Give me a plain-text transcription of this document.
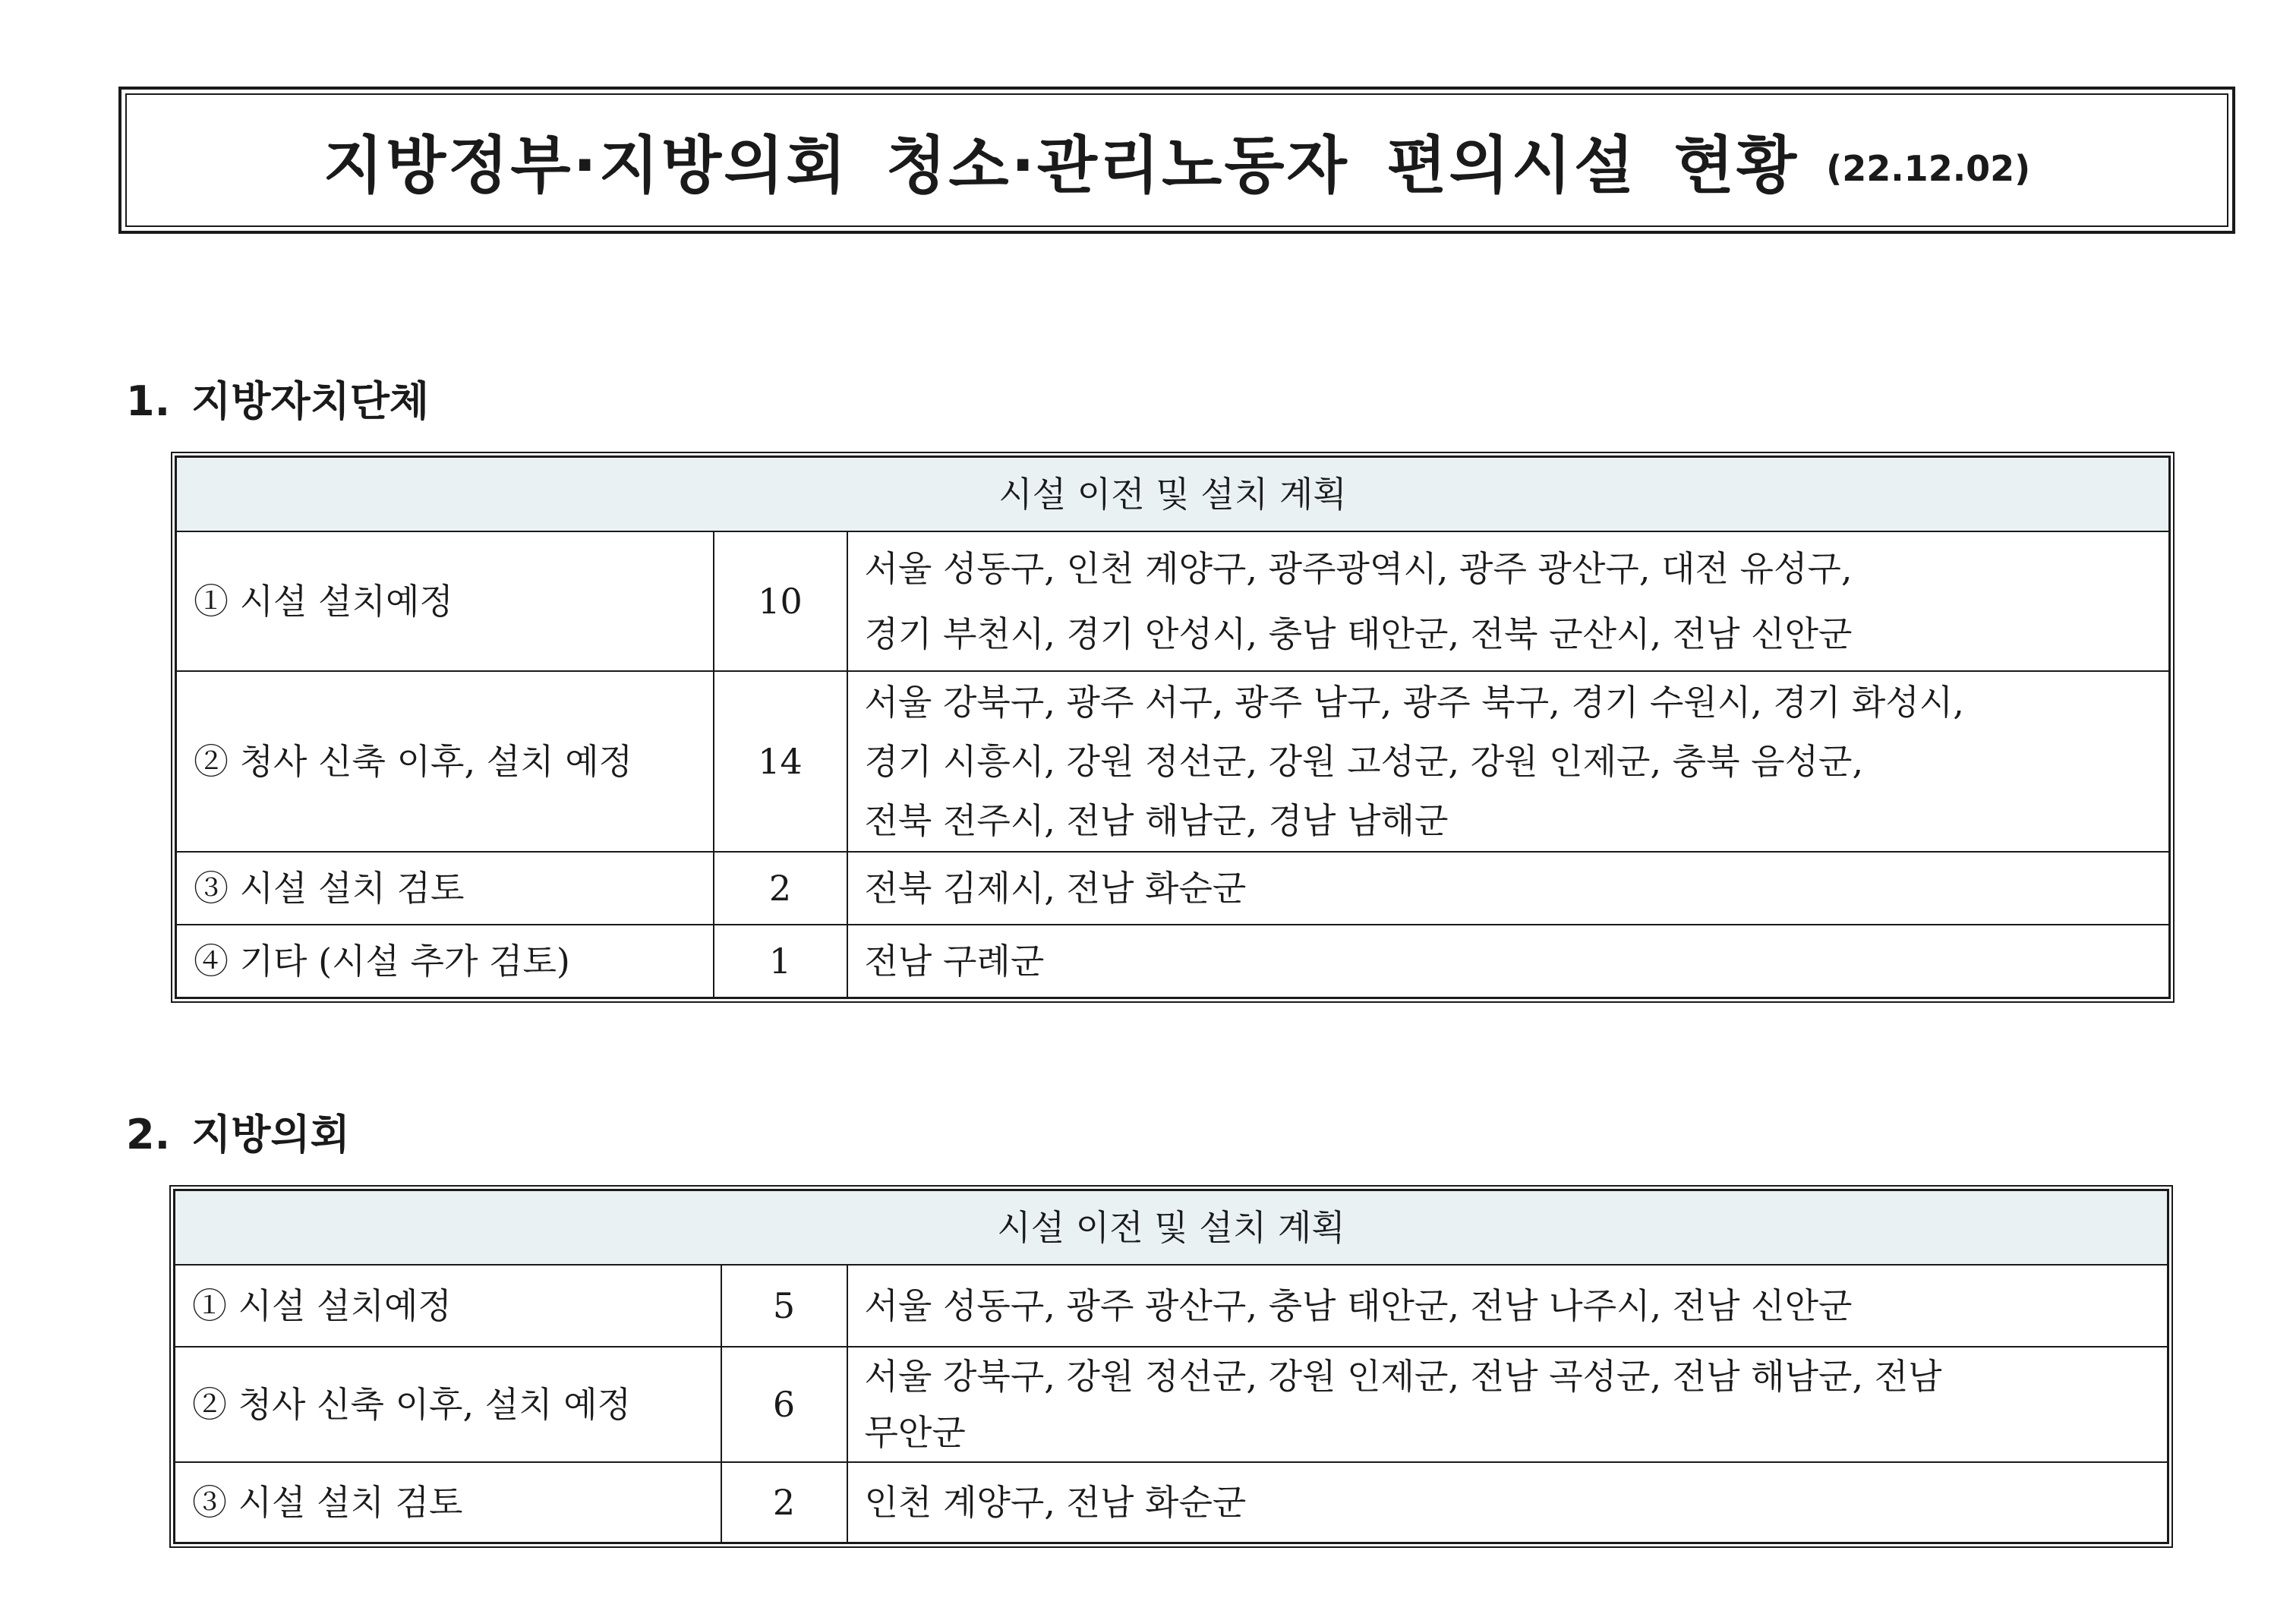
지방정부·지방의회 청소·관리노동자 편의시설 현황 (22.12.02)
1. 지방자치단체
시설 이전 및 설치 계획		
① 시설 설치예정	10	서울 성동구, 인천 계양구, 광주광역시, 광주 광산구, 대전 유성구,
경기 부천시, 경기 안성시, 충남 태안군, 전북 군산시, 전남 신안군

② 청사 신축 이후, 설치 예정	14	서울 강북구, 광주 서구, 광주 남구, 광주 북구, 경기 수원시, 경기 화성시,
경기 시흥시, 강원 정선군, 강원 고성군, 강원 인제군, 충북 음성군,
전북 전주시, 전남 해남군, 경남 남해군

③ 시설 설치 검토	2	전북 김제시, 전남 화순군

④ 기타 (시설 추가 검토)	1	전남 구례군
2. 지방의회
시설 이전 및 설치 계획		
① 시설 설치예정	5	서울 성동구, 광주 광산구, 충남 태안군, 전남 나주시, 전남 신안군

② 청사 신축 이후, 설치 예정	6	서울 강북구, 강원 정선군, 강원 인제군, 전남 곡성군, 전남 해남군, 전남
무안군

③ 시설 설치 검토	2	인천 계양구, 전남 화순군
